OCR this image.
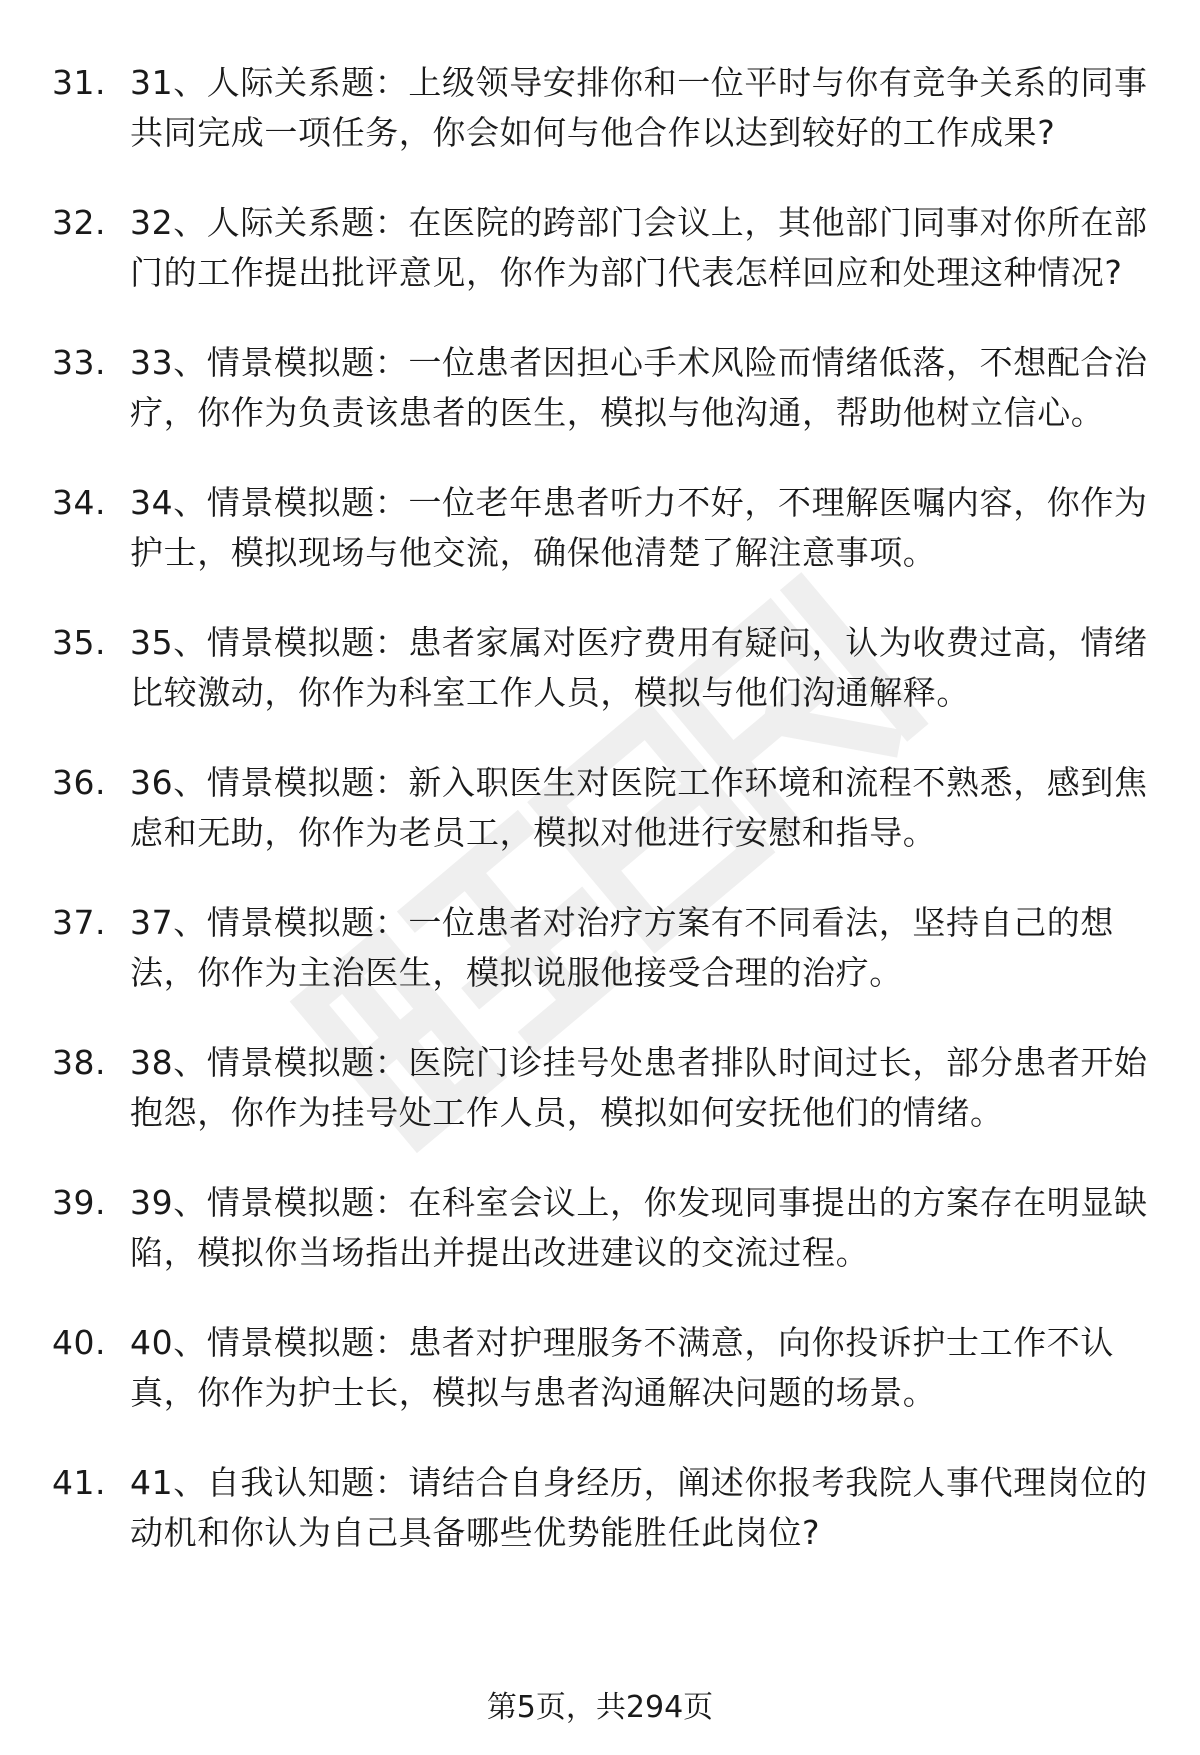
31. 31、人际关系题：上级领导安排你和一位平时与你有竞争关系的同事共同完成一项任务，你会如何与他合作以达到较好的工作成果?
32. 32、人际关系题：在医院的跨部门会议上，其他部门同事对你所在部门的工作提出批评意见，你作为部门代表怎样回应和处理这种情况?
33. 33、情景模拟题：一位患者因担心手术风险而情绪低落，不想配合治疗，你作为负责该患者的医生，模拟与他沟通，帮助他树立信心。
34. 34、情景模拟题：一位老年患者听力不好，不理解医嘱内容，你作为护士，模拟现场与他交流，确保他清楚了解注意事项。
35. 35、情景模拟题：患者家属对医疗费用有疑问，认为收费过高，情绪比较激动，你作为科室工作人员，模拟与他们沟通解释。
36. 36、情景模拟题：新入职医生对医院工作环境和流程不熟悉，感到焦虑和无助，你作为老员工，模拟对他进行安慰和指导。
37. 37、情景模拟题：一位患者对治疗方案有不同看法，坚持自己的想法，你作为主治医生，模拟说服他接受合理的治疗。
38. 38、情景模拟题：医院门诊挂号处患者排队时间过长，部分患者开始抱怨，你作为挂号处工作人员，模拟如何安抚他们的情绪。
39. 39、情景模拟题：在科室会议上，你发现同事提出的方案存在明显缺陷，模拟你当场指出并提出改进建议的交流过程。
40. 40、情景模拟题：患者对护理服务不满意，向你投诉护士工作不认真，你作为护士长，模拟与患者沟通解决问题的场景。
41. 41、自我认知题：请结合自身经历，阐述你报考我院人事代理岗位的动机和你认为自己具备哪些优势能胜任此岗位?
第5页，共294页
